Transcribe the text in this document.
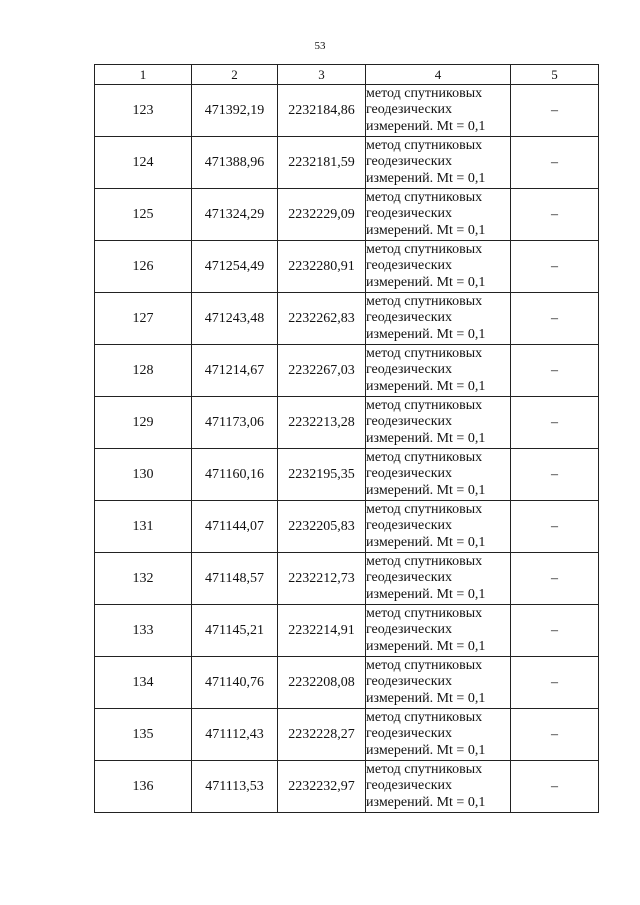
53
1	2	3	4	5
123	471392,19	2232184,86	метод спутниковых
геодезических
измерений. Mt = 0,1	–
124	471388,96	2232181,59	метод спутниковых
геодезических
измерений. Mt = 0,1	–
125	471324,29	2232229,09	метод спутниковых
геодезических
измерений. Mt = 0,1	–
126	471254,49	2232280,91	метод спутниковых
геодезических
измерений. Mt = 0,1	–
127	471243,48	2232262,83	метод спутниковых
геодезических
измерений. Mt = 0,1	–
128	471214,67	2232267,03	метод спутниковых
геодезических
измерений. Mt = 0,1	–
129	471173,06	2232213,28	метод спутниковых
геодезических
измерений. Mt = 0,1	–
130	471160,16	2232195,35	метод спутниковых
геодезических
измерений. Mt = 0,1	–
131	471144,07	2232205,83	метод спутниковых
геодезических
измерений. Mt = 0,1	–
132	471148,57	2232212,73	метод спутниковых
геодезических
измерений. Mt = 0,1	–
133	471145,21	2232214,91	метод спутниковых
геодезических
измерений. Mt = 0,1	–
134	471140,76	2232208,08	метод спутниковых
геодезических
измерений. Mt = 0,1	–
135	471112,43	2232228,27	метод спутниковых
геодезических
измерений. Mt = 0,1	–
136	471113,53	2232232,97	метод спутниковых
геодезических
измерений. Mt = 0,1	–
